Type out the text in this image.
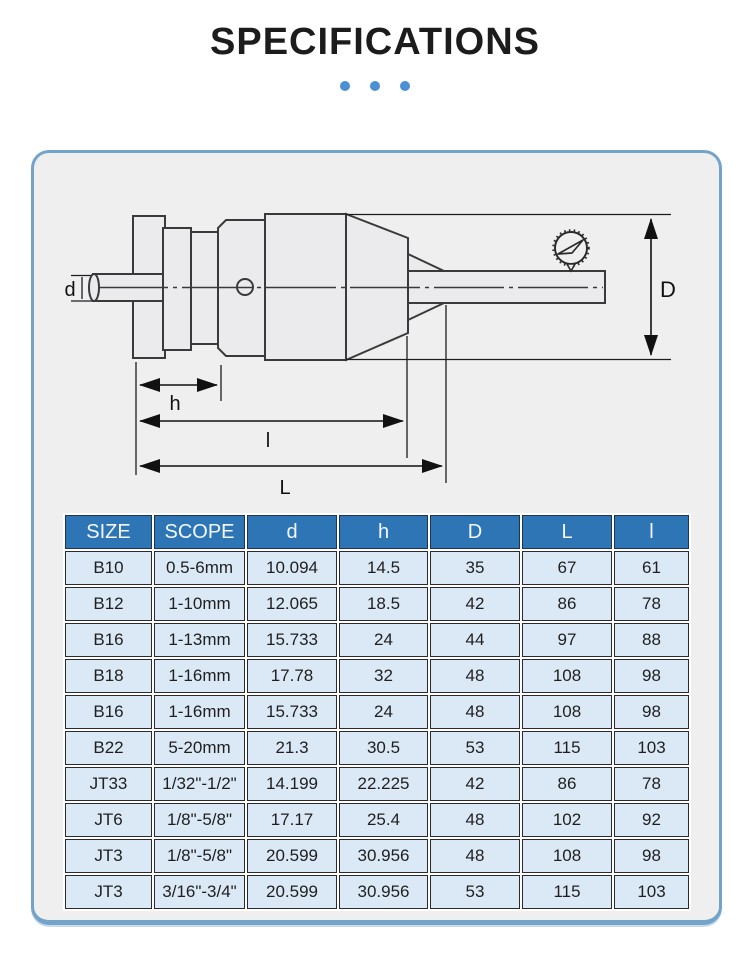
SPECIFICATIONS
d	D
h
l
L
SIZE	SCOPE	d	h	D	L	l
B10	0.5-6mm	10.094	14.5	35	67	61
B12	1-10mm	12.065	18.5	42	86	78
B16	1-13mm	15.733	24	44	97	88
B18	1-16mm	17.78	32	48	108	98
B16	1-16mm	15.733	24	48	108	98
B22	5-20mm	21.3	30.5	53	115	103
JT33	1/32"-1/2"	14.199	22.225	42	86	78
JT6	1/8"-5/8"	17.17	25.4	48	102	92
JT3	1/8"-5/8"	20.599	30.956	48	108	98
JT3	3/16"-3/4"	20.599	30.956	53	115	103
